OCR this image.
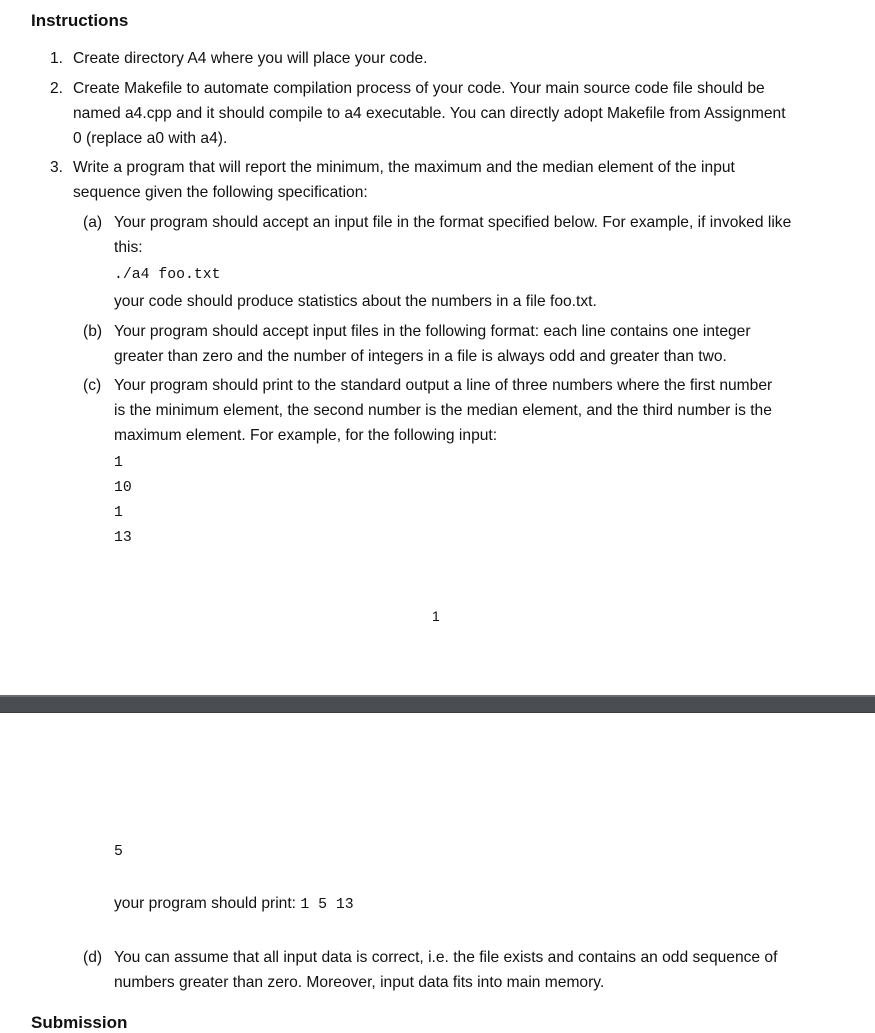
Instructions
1. Create directory A4 where you will place your code.
2. Create Makefile to automate compilation process of your code. Your main source code file should be
named a4.cpp and it should compile to a4 executable. You can directly adopt Makefile from Assignment
0 (replace a0 with a4).
3. Write a program that will report the minimum, the maximum and the median element of the input
sequence given the following specification:
(a) Your program should accept an input file in the format specified below. For example, if invoked like
this:
./a4 foo.txt
your code should produce statistics about the numbers in a file foo.txt.
(b) Your program should accept input files in the following format: each line contains one integer
greater than zero and the number of integers in a file is always odd and greater than two.
(c) Your program should print to the standard output a line of three numbers where the first number
is the minimum element, the second number is the median element, and the third number is the
maximum element. For example, for the following input:
1
10
1
13
1
5
your program should print: 1 5 13
(d) You can assume that all input data is correct, i.e. the file exists and contains an odd sequence of
numbers greater than zero. Moreover, input data fits into main memory.
Submission
